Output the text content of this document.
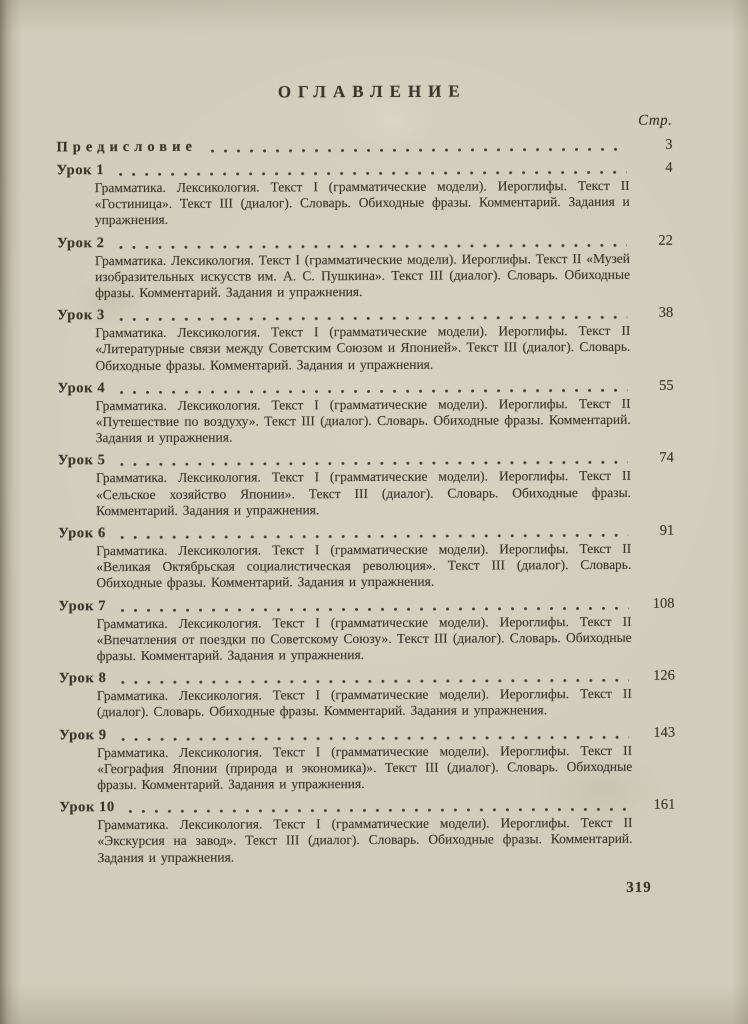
ОГЛАВЛЕНИЕ
Стр.
Предисловие	3
Урок 1	4

Грамматика. Лексикология. Текст I (грамматические модели). Иероглифы. Текст II «Гостиница». Текст III (диалог). Словарь. Обиходные фразы. Комментарий. Задания и упражнения.

Урок 2	22

Грамматика. Лексикология. Текст I (грамматические модели). Иероглифы. Текст II «Музей изобразительных искусств им. А. С. Пушкина». Текст III (диалог). Словарь. Обиходные фразы. Комментарий. Задания и упражнения.

Урок 3	38

Грамматика. Лексикология. Текст I (грамматические модели). Иероглифы. Текст II «Литературные связи между Советским Союзом и Японией». Текст III (диалог). Словарь. Обиходные фразы. Комментарий. Задания и упражнения.

Урок 4	55

Грамматика. Лексикология. Текст I (грамматические модели). Иероглифы. Текст II «Путешествие по воздуху». Текст III (диалог). Словарь. Обиходные фразы. Комментарий. Задания и упражнения.

Урок 5	74

Грамматика. Лексикология. Текст I (грамматические модели). Иероглифы. Текст II «Сельское хозяйство Японии». Текст III (диалог). Словарь. Обиходные фразы. Комментарий. Задания и упражнения.

Урок 6	91

Грамматика. Лексикология. Текст I (грамматические модели). Иероглифы. Текст II «Великая Октябрьская социалистическая революция». Текст III (диалог). Словарь. Обиходные фразы. Комментарий. Задания и упражнения.

Урок 7	108

Грамматика. Лексикология. Текст I (грамматические модели). Иероглифы. Текст II «Впечатления от поездки по Советскому Союзу». Текст III (диалог). Словарь. Обиходные фразы. Комментарий. Задания и упражнения.

Урок 8	126

Грамматика. Лексикология. Текст I (грамматические модели). Иероглифы. Текст II (диалог). Словарь. Обиходные фразы. Комментарий. Задания и упражнения.

Урок 9	143

Грамматика. Лексикология. Текст I (грамматические модели). Иероглифы. Текст II «География Японии (природа и экономика)». Текст III (диалог). Словарь. Обиходные фразы. Комментарий. Задания и упражнения.

Урок 10	161

Грамматика. Лексикология. Текст I (грамматические модели). Иероглифы. Текст II «Экскурсия на завод». Текст III (диалог). Словарь. Обиходные фразы. Комментарий. Задания и упражнения.

319
